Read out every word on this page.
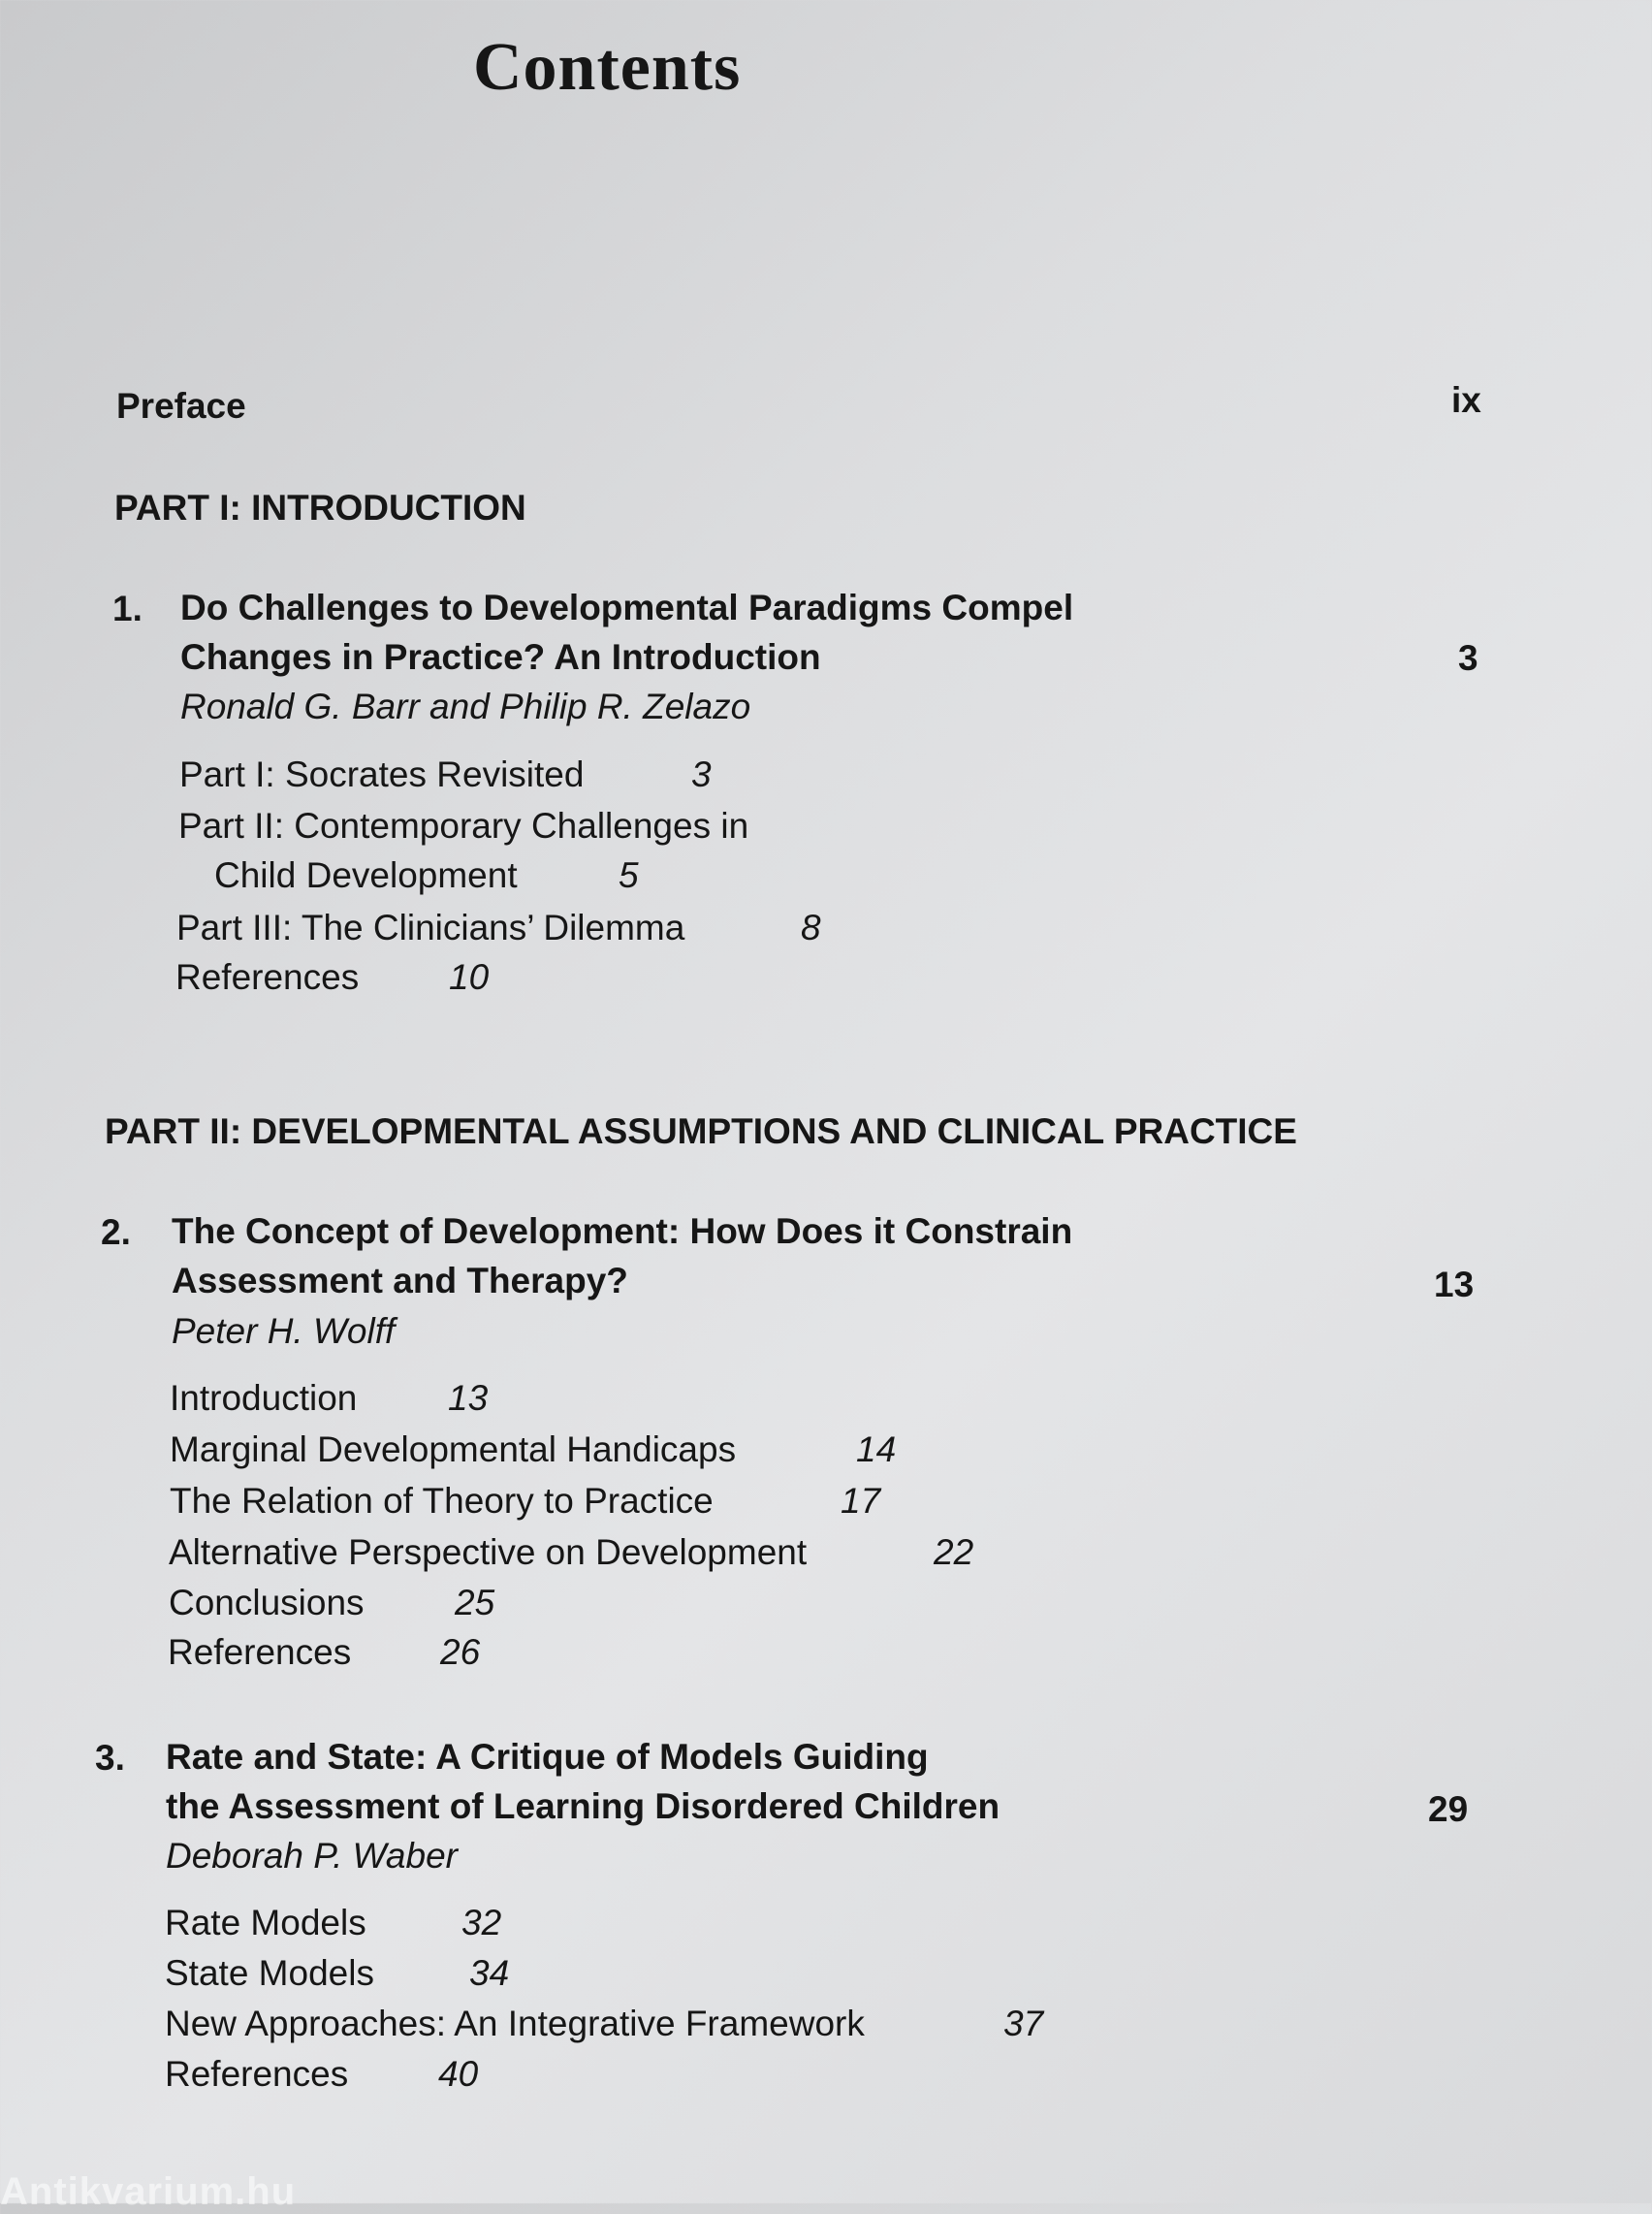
Contents
Preface	ix
PART I: INTRODUCTION
1. Do Challenges to Developmental Paradigms Compel
Changes in Practice? An Introduction	3
Ronald G. Barr and Philip R. Zelazo
Part I: Socrates Revisited	3
Part II: Contemporary Challenges in
Child Development	5
Part III: The Clinicians’ Dilemma	8
References	10
PART II: DEVELOPMENTAL ASSUMPTIONS AND CLINICAL PRACTICE
2. The Concept of Development: How Does it Constrain
Assessment and Therapy?	13
Peter H. Wolff
Introduction	13
Marginal Developmental Handicaps	14
The Relation of Theory to Practice	17
Alternative Perspective on Development	22
Conclusions	25
References 26
3. Rate and State: A Critique of Models Guiding
the Assessment of Learning Disordered Children	29
Deborah P. Waber
Rate Models	32
State Models	34
New Approaches: An Integrative Framework	37
References	40
Antikvarium.hu
